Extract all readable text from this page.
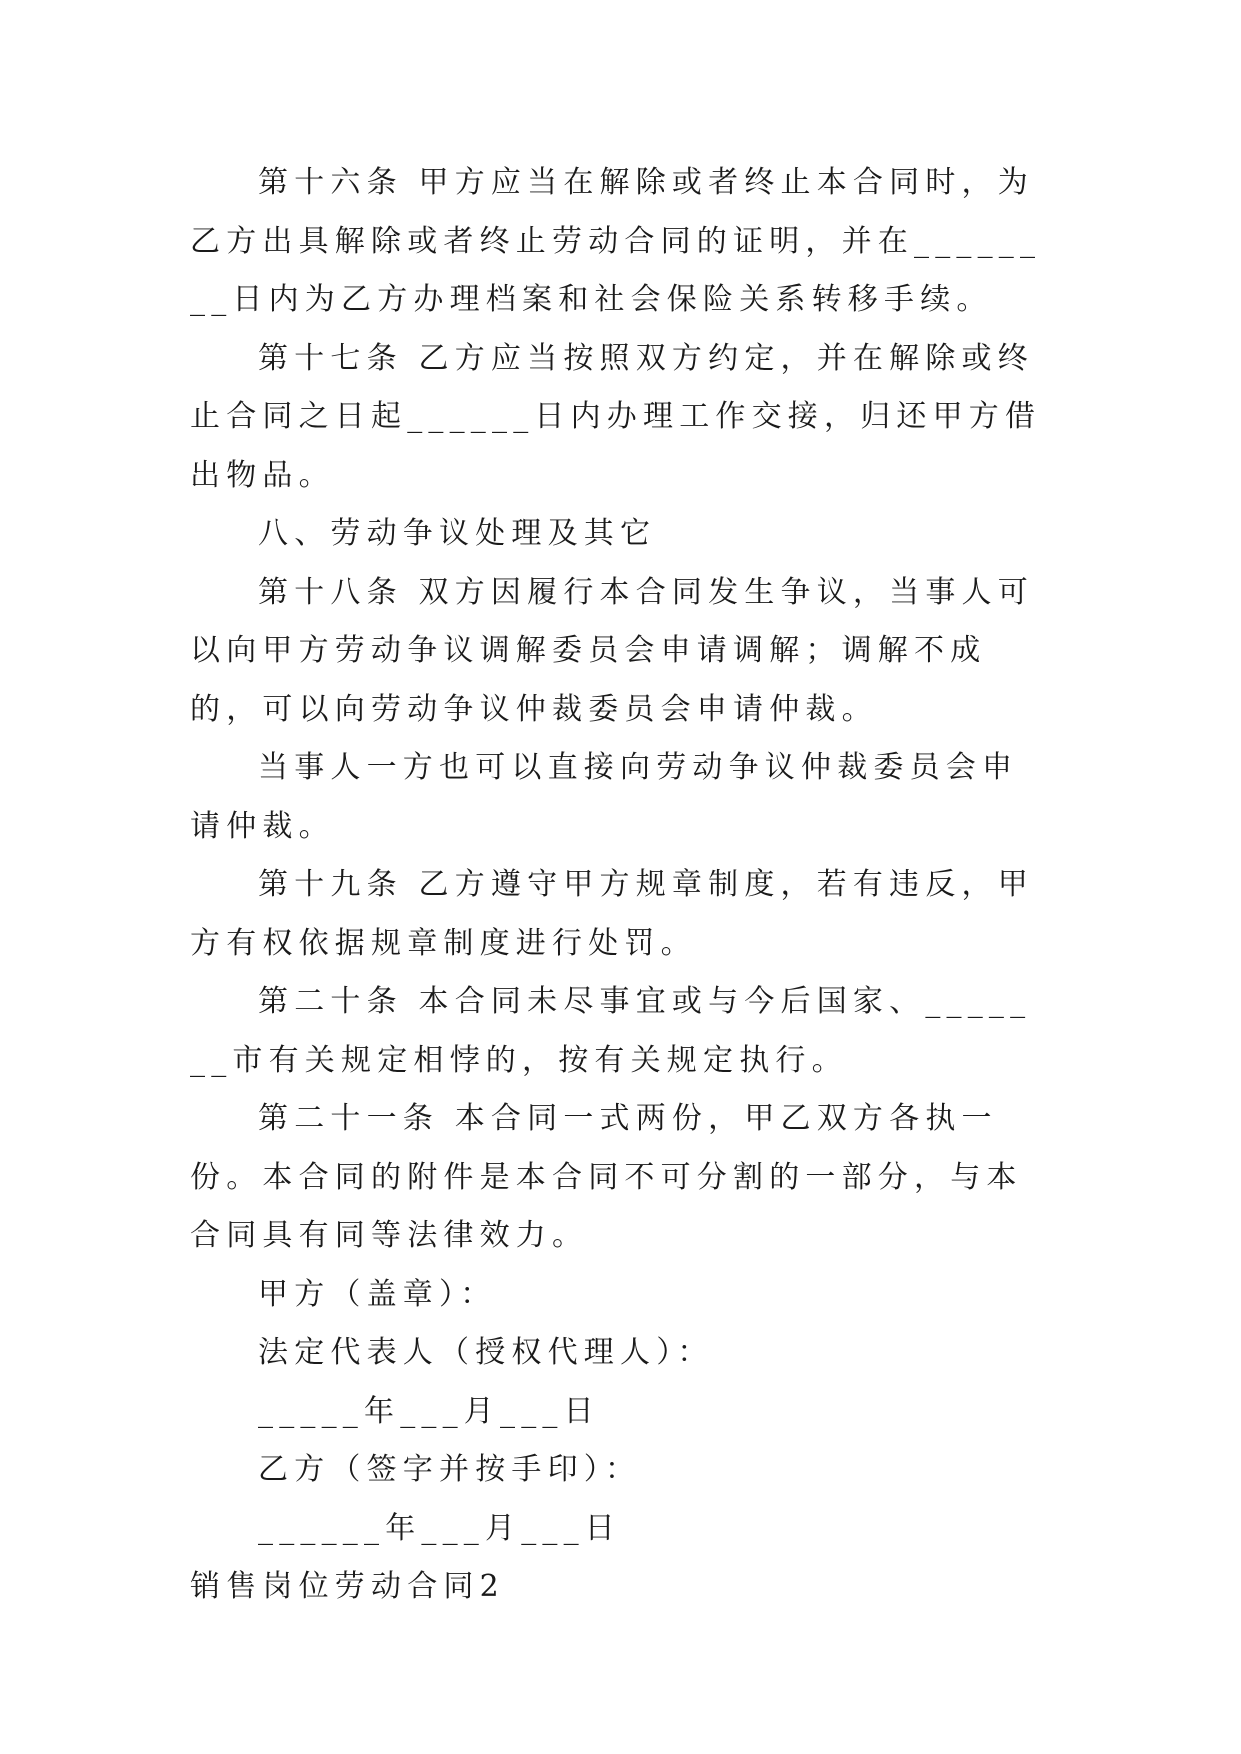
第十六条 甲方应当在解除或者终止本合同时，为乙方出具解除或者终止劳动合同的证明，并在________日内为乙方办理档案和社会保险关系转移手续。

第十七条 乙方应当按照双方约定，并在解除或终止合同之日起______日内办理工作交接，归还甲方借出物品。

八、劳动争议处理及其它

第十八条 双方因履行本合同发生争议，当事人可以向甲方劳动争议调解委员会申请调解；调解不成的，可以向劳动争议仲裁委员会申请仲裁。

当事人一方也可以直接向劳动争议仲裁委员会申请仲裁。

第十九条 乙方遵守甲方规章制度，若有违反，甲方有权依据规章制度进行处罚。

第二十条 本合同未尽事宜或与今后国家、_______市有关规定相悖的，按有关规定执行。

第二十一条 本合同一式两份，甲乙双方各执一份。本合同的附件是本合同不可分割的一部分，与本合同具有同等法律效力。

甲方（盖章）：

法定代表人（授权代理人）：

_____年___月___日

乙方（签字并按手印）：

______年___月___日

销售岗位劳动合同2
